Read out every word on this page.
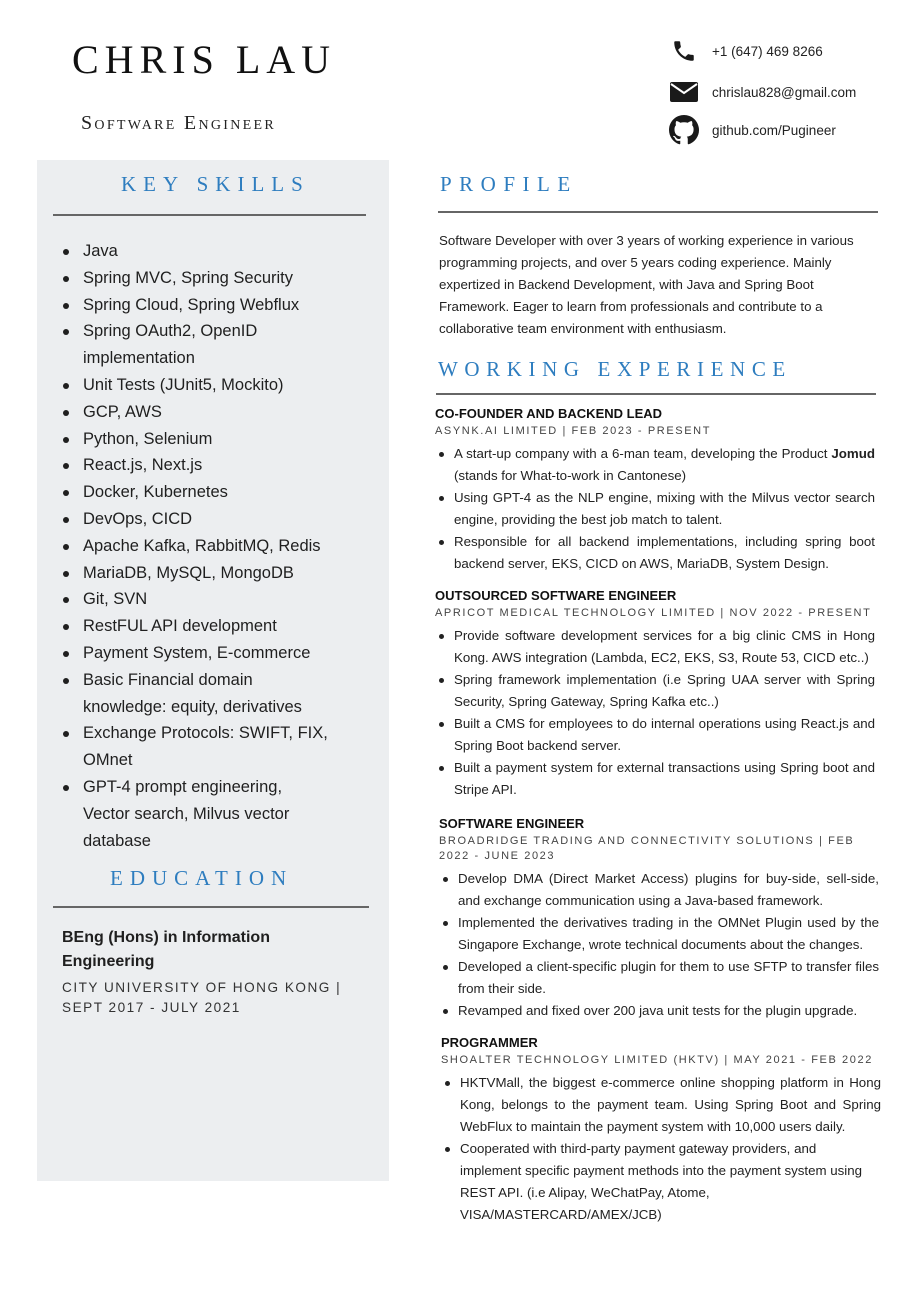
CHRIS LAU
Software Engineer
+1 (647) 469 8266
chrislau828@gmail.com
github.com/Pugineer
KEY SKILLS
Java
Spring MVC, Spring Security
Spring Cloud, Spring Webflux
Spring OAuth2, OpenID implementation
Unit Tests (JUnit5, Mockito)
GCP, AWS
Python, Selenium
React.js, Next.js
Docker, Kubernetes
DevOps, CICD
Apache Kafka, RabbitMQ, Redis
MariaDB, MySQL, MongoDB
Git, SVN
RestFUL API development
Payment System, E-commerce
Basic Financial domain knowledge: equity, derivatives
Exchange Protocols: SWIFT, FIX, OMnet
GPT-4 prompt engineering, Vector search, Milvus vector database
EDUCATION
BEng (Hons) in Information Engineering
CITY UNIVERSITY OF HONG KONG | SEPT 2017 - JULY 2021
PROFILE
Software Developer with over 3 years of working experience in various programming projects, and over 5 years coding experience. Mainly expertized in Backend Development, with Java and Spring Boot Framework. Eager to learn from professionals and contribute to a collaborative team environment with enthusiasm.
WORKING EXPERIENCE
CO-FOUNDER AND BACKEND LEAD
ASYNK.AI LIMITED | FEB 2023 - PRESENT
A start-up company with a 6-man team, developing the Product Jomud (stands for What-to-work in Cantonese)
Using GPT-4 as the NLP engine, mixing with the Milvus vector search engine, providing the best job match to talent.
Responsible for all backend implementations, including spring boot backend server, EKS, CICD on AWS, MariaDB, System Design.
OUTSOURCED SOFTWARE ENGINEER
APRICOT MEDICAL TECHNOLOGY LIMITED | NOV 2022 - PRESENT
Provide software development services for a big clinic CMS in Hong Kong. AWS integration (Lambda, EC2, EKS, S3, Route 53, CICD etc..)
Spring framework implementation (i.e Spring UAA server with Spring Security, Spring Gateway, Spring Kafka etc..)
Built a CMS for employees to do internal operations using React.js and Spring Boot backend server.
Built a payment system for external transactions using Spring boot and Stripe API.
SOFTWARE ENGINEER
BROADRIDGE TRADING AND CONNECTIVITY SOLUTIONS | FEB 2022 - JUNE 2023
Develop DMA (Direct Market Access) plugins for buy-side, sell-side, and exchange communication using a Java-based framework.
Implemented the derivatives trading in the OMNet Plugin used by the Singapore Exchange, wrote technical documents about the changes.
Developed a client-specific plugin for them to use SFTP to transfer files from their side.
Revamped and fixed over 200 java unit tests for the plugin upgrade.
PROGRAMMER
SHOALTER TECHNOLOGY LIMITED (HKTV) | MAY 2021 - FEB 2022
HKTVMall, the biggest e-commerce online shopping platform in Hong Kong, belongs to the payment team. Using Spring Boot and Spring WebFlux to maintain the payment system with 10,000 users daily.
Cooperated with third-party payment gateway providers, and implement specific payment methods into the payment system using REST API. (i.e Alipay, WeChatPay, Atome, VISA/MASTERCARD/AMEX/JCB)
